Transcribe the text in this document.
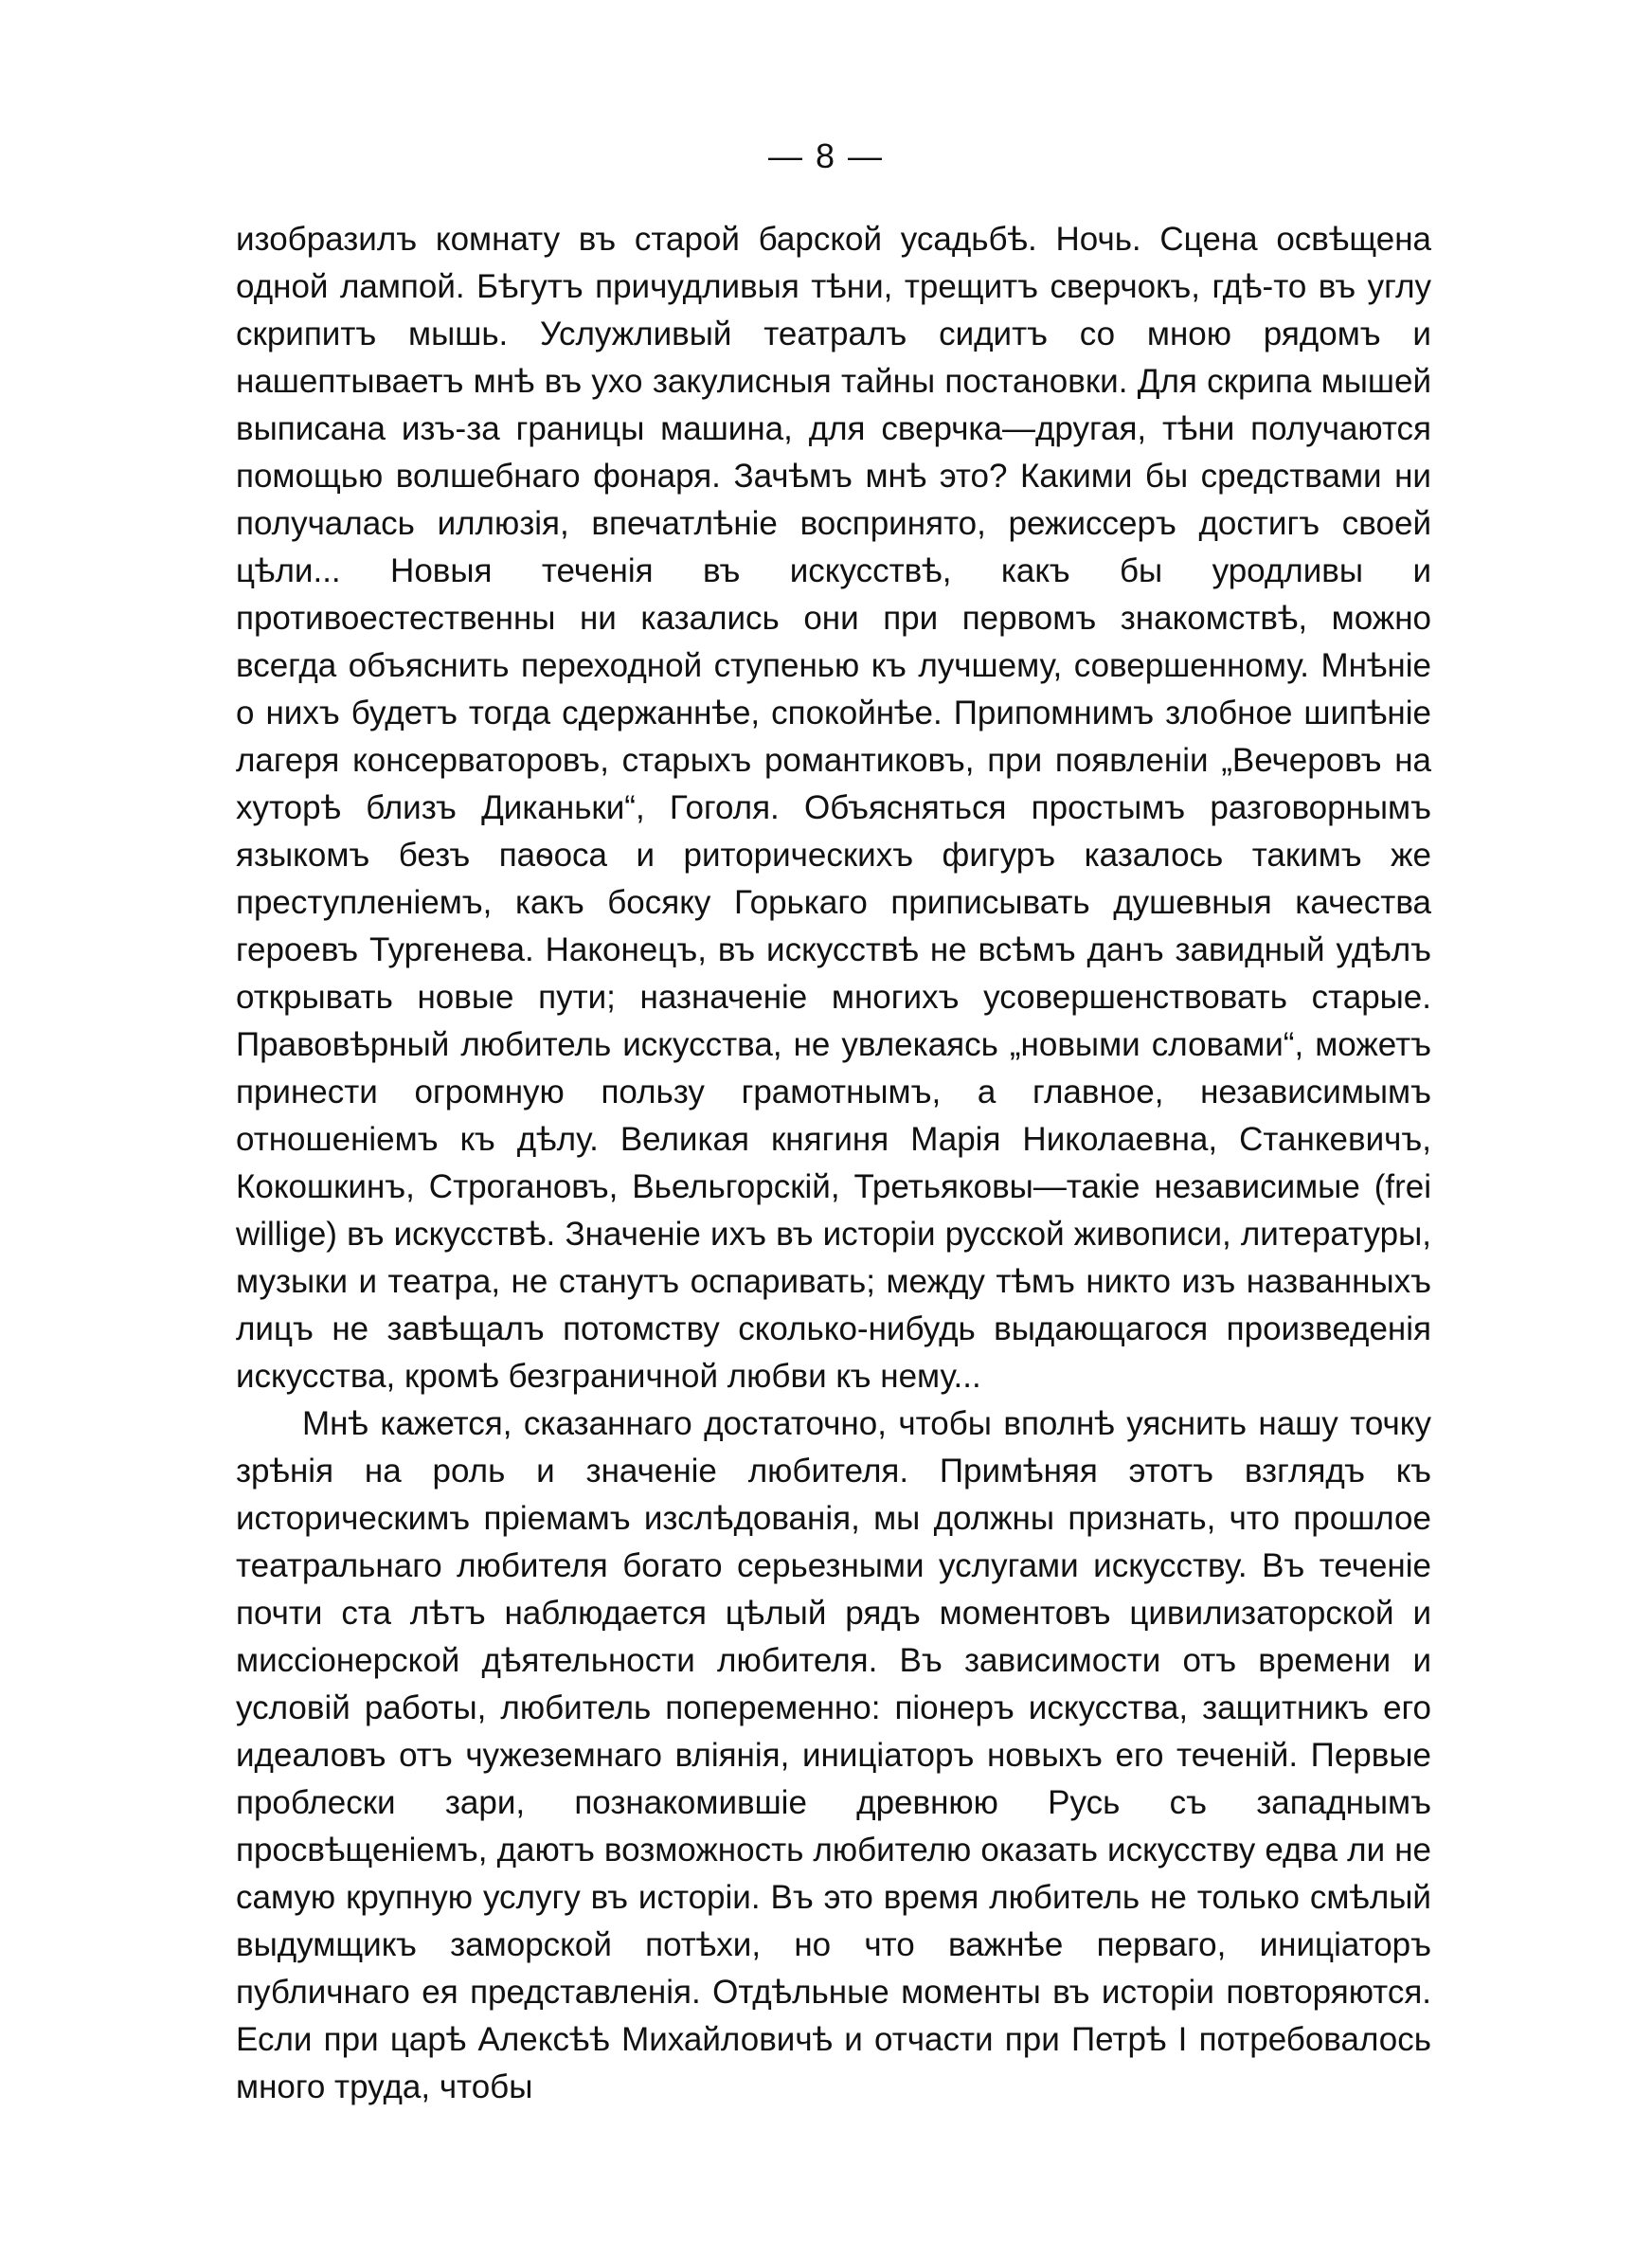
— 8 —

изобразилъ комнату въ старой барской усадьбѣ. Ночь. Сцена освѣщена одной лампой. Бѣгутъ причудливыя тѣни, трещитъ сверчокъ, гдѣ-то въ углу скрипитъ мышь. Услужливый театралъ сидитъ со мною рядомъ и нашептываетъ мнѣ въ ухо закулисныя тайны постановки. Для скрипа мышей выписана изъ-за границы машина, для сверчка—другая, тѣни получаются помощью волшебнаго фонаря. Зачѣмъ мнѣ это? Какими бы средствами ни получалась иллюзія, впечатлѣніе воспринято, режиссеръ достигъ своей цѣли... Новыя теченія въ искусствѣ, какъ бы уродливы и противоестественны ни казались они при первомъ знакомствѣ, можно всегда объяснить переходной ступенью къ лучшему, совершенному. Мнѣніе о нихъ будетъ тогда сдержаннѣе, спокойнѣе. Припомнимъ злобное шипѣніе лагеря консерваторовъ, старыхъ романтиковъ, при появленіи „Вечеровъ на хуторѣ близъ Диканьки“, Гоголя. Объясняться простымъ разговорнымъ языкомъ безъ паѳоса и риторическихъ фигуръ казалось такимъ же преступленіемъ, какъ босяку Горькаго приписывать душевныя качества героевъ Тургенева. Наконецъ, въ искусствѣ не всѣмъ данъ завидный удѣлъ открывать новые пути; назначеніе многихъ усовершенствовать старые. Правовѣрный любитель искусства, не увлекаясь „новыми словами“, можетъ принести огромную пользу грамотнымъ, а главное, независимымъ отношеніемъ къ дѣлу. Великая княгиня Марія Николаевна, Станкевичъ, Кокошкинъ, Строгановъ, Вьельгорскій, Третьяковы—такіе независимые (frei willige) въ искусствѣ. Значеніе ихъ въ исторіи русской живописи, литературы, музыки и театра, не станутъ оспаривать; между тѣмъ никто изъ названныхъ лицъ не завѣщалъ потомству сколько-нибудь выдающагося произведенія искусства, кромѣ безграничной любви къ нему...

Мнѣ кажется, сказаннаго достаточно, чтобы вполнѣ уяснить нашу точку зрѣнія на роль и значеніе любителя. Примѣняя этотъ взглядъ къ историческимъ пріемамъ изслѣдованія, мы должны признать, что прошлое театральнаго любителя богато серьезными услугами искусству. Въ теченіе почти ста лѣтъ наблюдается цѣлый рядъ моментовъ цивилизаторской и миссіонерской дѣятельности любителя. Въ зависимости отъ времени и условій работы, любитель попеременно: піонеръ искусства, защитникъ его идеаловъ отъ чужеземнаго вліянія, иниціаторъ новыхъ его теченій. Первые проблески зари, познакомившіе древнюю Русь съ западнымъ просвѣщеніемъ, даютъ возможность любителю оказать искусству едва ли не самую крупную услугу въ исторіи. Въ это время любитель не только смѣлый выдумщикъ заморской потѣхи, но что важнѣе перваго, иниціаторъ публичнаго ея представленія. Отдѣльные моменты въ исторіи повторяются. Если при царѣ Алексѣѣ Михайловичѣ и отчасти при Петрѣ I потребовалось много труда, чтобы
